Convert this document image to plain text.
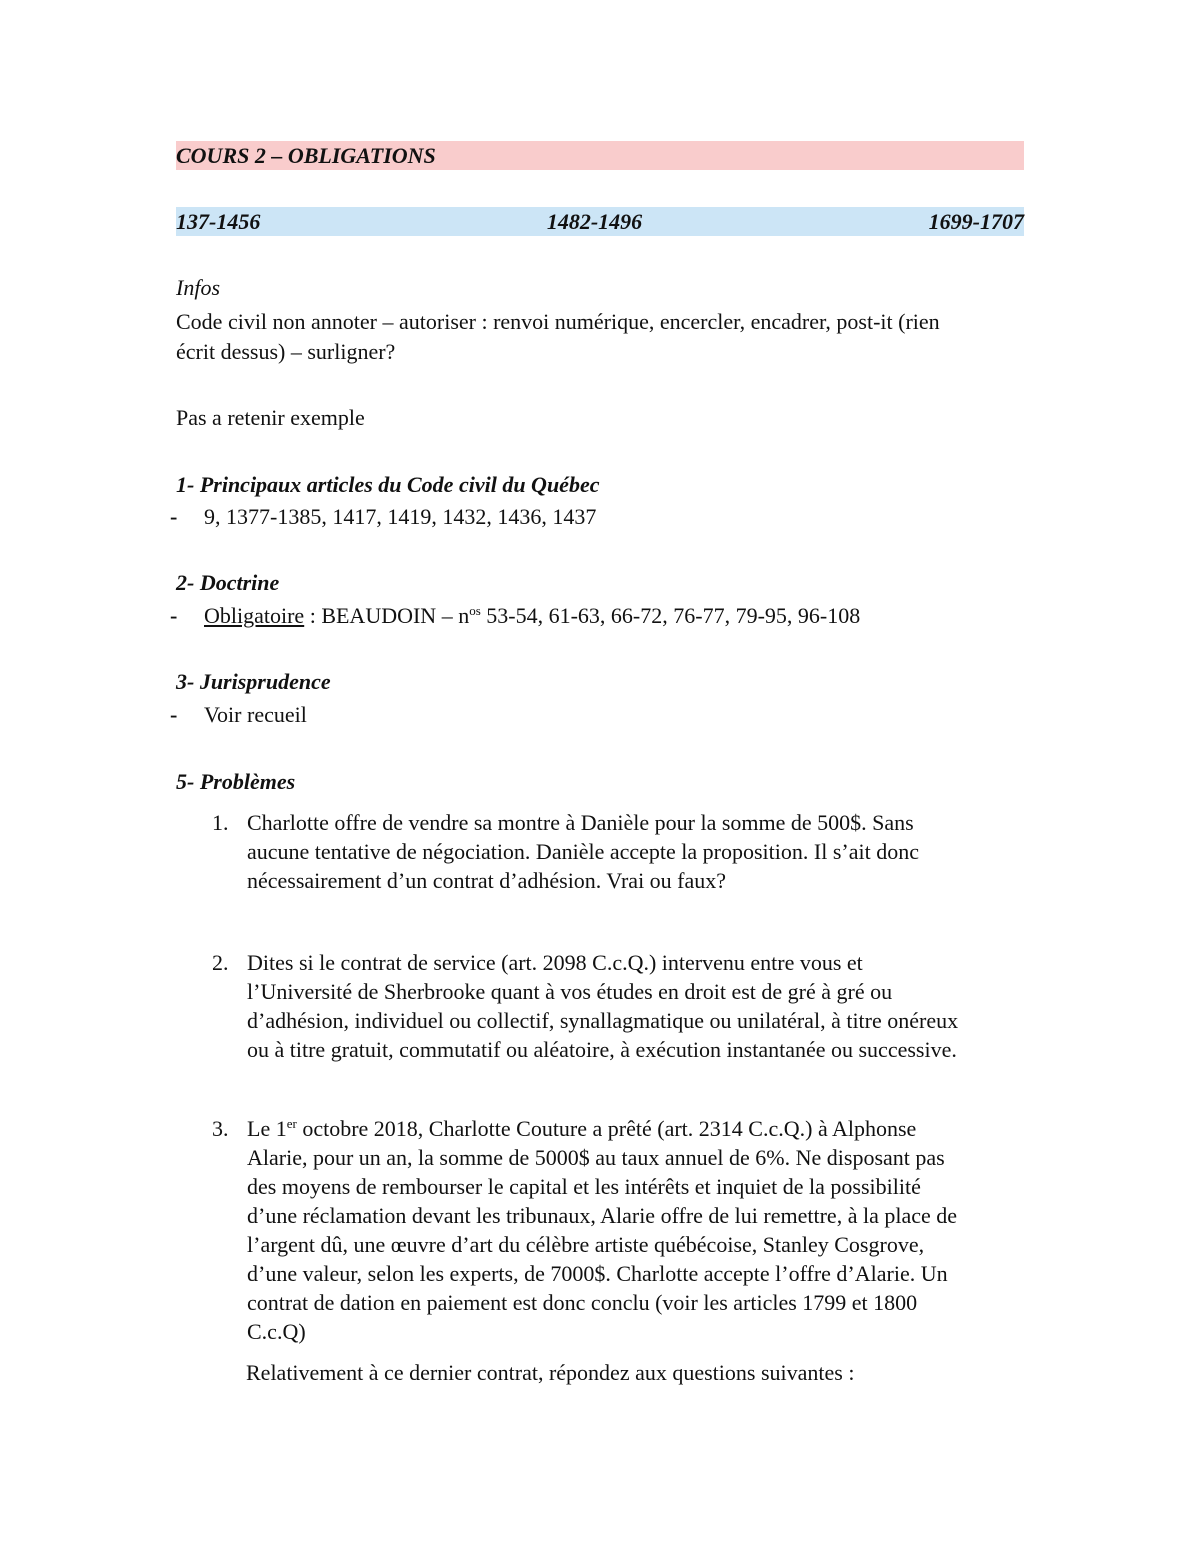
COURS 2 – OBLIGATIONS
137-1456	1482-1496	1699-1707
Infos
Code civil non annoter – autoriser : renvoi numérique, encercler, encadrer, post-it (rien
écrit dessus) – surligner?
Pas a retenir exemple
1- Principaux articles du Code civil du Québec
- 9, 1377-1385, 1417, 1419, 1432, 1436, 1437
2- Doctrine
- Obligatoire : BEAUDOIN – $n^{os}$ 53-54, 61-63, 66-72, 76-77, 79-95, 96-108
3- Jurisprudence
- Voir recueil
5- Problèmes
1. Charlotte offre de vendre sa montre à Danièle pour la somme de 500$. Sans
aucune tentative de négociation. Danièle accepte la proposition. Il s’ait donc
nécessairement d’un contrat d’adhésion. Vrai ou faux?
2. Dites si le contrat de service (art. 2098 C.c.Q.) intervenu entre vous et
l’Université de Sherbrooke quant à vos études en droit est de gré à gré ou
d’adhésion, individuel ou collectif, synallagmatique ou unilatéral, à titre onéreux
ou à titre gratuit, commutatif ou aléatoire, à exécution instantanée ou successive.
3. Le 1er octobre 2018, Charlotte Couture a prêté (art. 2314 C.c.Q.) à Alphonse
Alarie, pour un an, la somme de 5000$ au taux annuel de 6%. Ne disposant pas
des moyens de rembourser le capital et les intérêts et inquiet de la possibilité
d’une réclamation devant les tribunaux, Alarie offre de lui remettre, à la place de
l’argent dû, une œuvre d’art du célèbre artiste québécoise, Stanley Cosgrove,
d’une valeur, selon les experts, de 7000$. Charlotte accepte l’offre d’Alarie. Un
contrat de dation en paiement est donc conclu (voir les articles 1799 et 1800
C.c.Q)
Relativement à ce dernier contrat, répondez aux questions suivantes :
